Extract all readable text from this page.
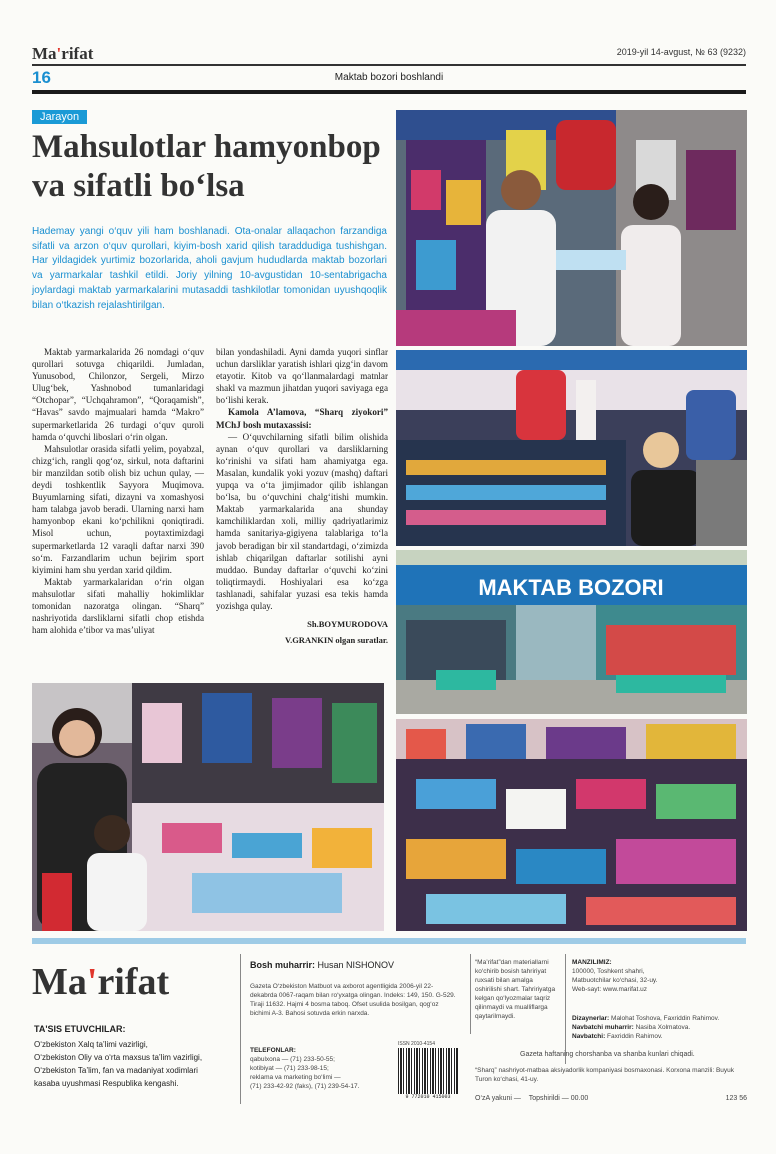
Ma'rifat	2019-yil 14-avgust, № 63 (9232)
Maktab bozori boshlandi
16
Jarayon
Mahsulotlar hamyonbop
va sifatli bo‘lsa
Hademay yangi o‘quv yili ham boshlanadi. Ota-onalar allaqachon farzandiga sifatli va arzon o‘quv qurollari, kiyim-bosh xarid qilish taraddudiga tushishgan. Har yildagidek yurtimiz bozorlarida, aholi gavjum hududlarda maktab bozorlari va yarmarkalar tashkil etildi. Joriy yilning 10-avgustidan 10-sentabrigacha joylardagi maktab yarmarkalarini mutasaddi tashkilotlar tomonidan uyushqoqlik bilan o‘tkazish rejalashtirilgan.

Maktab yarmarkalarida 26 nomdagi o‘quv qurollari sotuvga chiqarildi. Jumladan, Yunusobod, Chilonzor, Sergeli, Mirzo Ulug‘bek, Yashnobod tumanlaridagi “Otchopar”, “Uchqahramon”, “Qoraqamish”, “Havas” savdo majmualari hamda “Makro” supermarketlarida 26 turdagi o‘quv quroli hamda o‘quvchi liboslari o‘rin olgan.

Mahsulotlar orasida sifatli yelim, poyabzal, chizg‘ich, rangli qog‘oz, sirkul, nota daftarini bir manzildan sotib olish biz uchun qulay, — deydi toshkentlik Sayyora Muqimova. Buyumlarning sifati, dizayni va xomashyosi ham talabga javob beradi. Ularning narxi ham hamyonbop ekani ko‘pchilikni qoniqtiradi. Misol uchun, poytaxtimizdagi supermarketlarda 12 varaqli daftar narxi 390 so‘m. Farzandlarim uchun bejirim sport kiyimini ham shu yerdan xarid qildim.

Maktab yarmarkalaridan o‘rin olgan mahsulotlar sifati mahalliy hokimliklar tomonidan nazoratga olingan. “Sharq” nashriyotida darsliklarni sifatli chop etishda ham alohida e’tibor va mas’uliyat

bilan yondashiladi. Ayni damda yuqori sinflar uchun darsliklar yaratish ishlari qizg‘in davom etayotir. Kitob va qo‘llanmalardagi matnlar shakl va mazmun jihatdan yuqori saviyaga ega bo‘lishi kerak.

Kamola A’lamova, “Sharq ziyokori” MChJ bosh mutaxassisi:

— O‘quvchilarning sifatli bilim olishida aynan o‘quv qurollari va darsliklarning ko‘rinishi va sifati ham ahamiyatga ega. Masalan, kundalik yoki yozuv (mashq) daftari yupqa va o‘ta jimjimador qilib ishlangan bo‘lsa, bu o‘quvchini chalg‘itishi mumkin. Maktab yarmarkalarida ana shunday kamchiliklardan xoli, milliy qadriyatlarimiz hamda sanitariya-gigiyena talablariga to‘la javob beradigan bir xil standartdagi, o‘zimizda ishlab chiqarilgan daftarlar sotilishi ayni muddao. Bunday daftarlar o‘quvchi ko‘zini toliqtirmaydi. Hoshiyalari esa ko‘zga tashlanadi, sahifalar yuzasi esa tekis hamda yozishga qulay.

Sh.BOYMURODOVA
V.GRANKIN olgan suratlar.
MAKTAB BOZORI
Ma'rifat
TA'SIS ETUVCHILAR:
O‘zbekiston Xalq ta’limi vazirligi,
O‘zbekiston Oliy va o‘rta maxsus ta’lim vazirligi,
O‘zbekiston Ta’lim, fan va madaniyat xodimlari
kasaba uyushmasi Respublika kengashi.
Bosh muharrir: Husan NISHONOV
Gazeta O‘zbekiston Matbuot va axborot agentligida 2006-yil 22-dekabrda 0067-raqam bilan ro‘yxatga olingan. Indeks: 149, 150. G-529. Tiraji 11632. Hajmi 4 bosma taboq. Ofset usulida bosilgan, qog‘oz bichimi A-3. Bahosi sotuvda erkin narxda.
TELEFONLAR:
qabulxona — (71) 233-50-55;
kotibiyat — (71) 233-98-15;
reklama va marketing bo‘limi —
(71) 233-42-92 (faks), (71) 239-54-17.
ISSN 2010-4154
9 772010 415003
“Ma’rifat”dan materiallarni ko‘chirib bosish tahririyat ruxsati bilan amalga oshirilishi shart. Tahririyatga kelgan qo‘lyozmalar taqriz qilinmaydi va mualliflarga qaytarilmaydi.
MANZILIMIZ:
100000, Toshkent shahri,
Matbuotchilar ko‘chasi, 32-uy.
Web-sayt: www.marifat.uz
Dizaynerlar: Malohat Toshova, Faxriddin Rahimov.
Navbatchi muharrir: Nasiba Xolmatova.
Navbatchi: Faxriddin Rahimov.
Gazeta haftaning chorshanba va shanba kunlari chiqadi.
“Sharq” nashriyot-matbaa aksiyadorlik kompaniyasi bosmaxonasi. Korxona manzili: Buyuk Turon ko‘chasi, 41-uy.
O‘zA yakuni — Topshirildi — 00.00	123 56
